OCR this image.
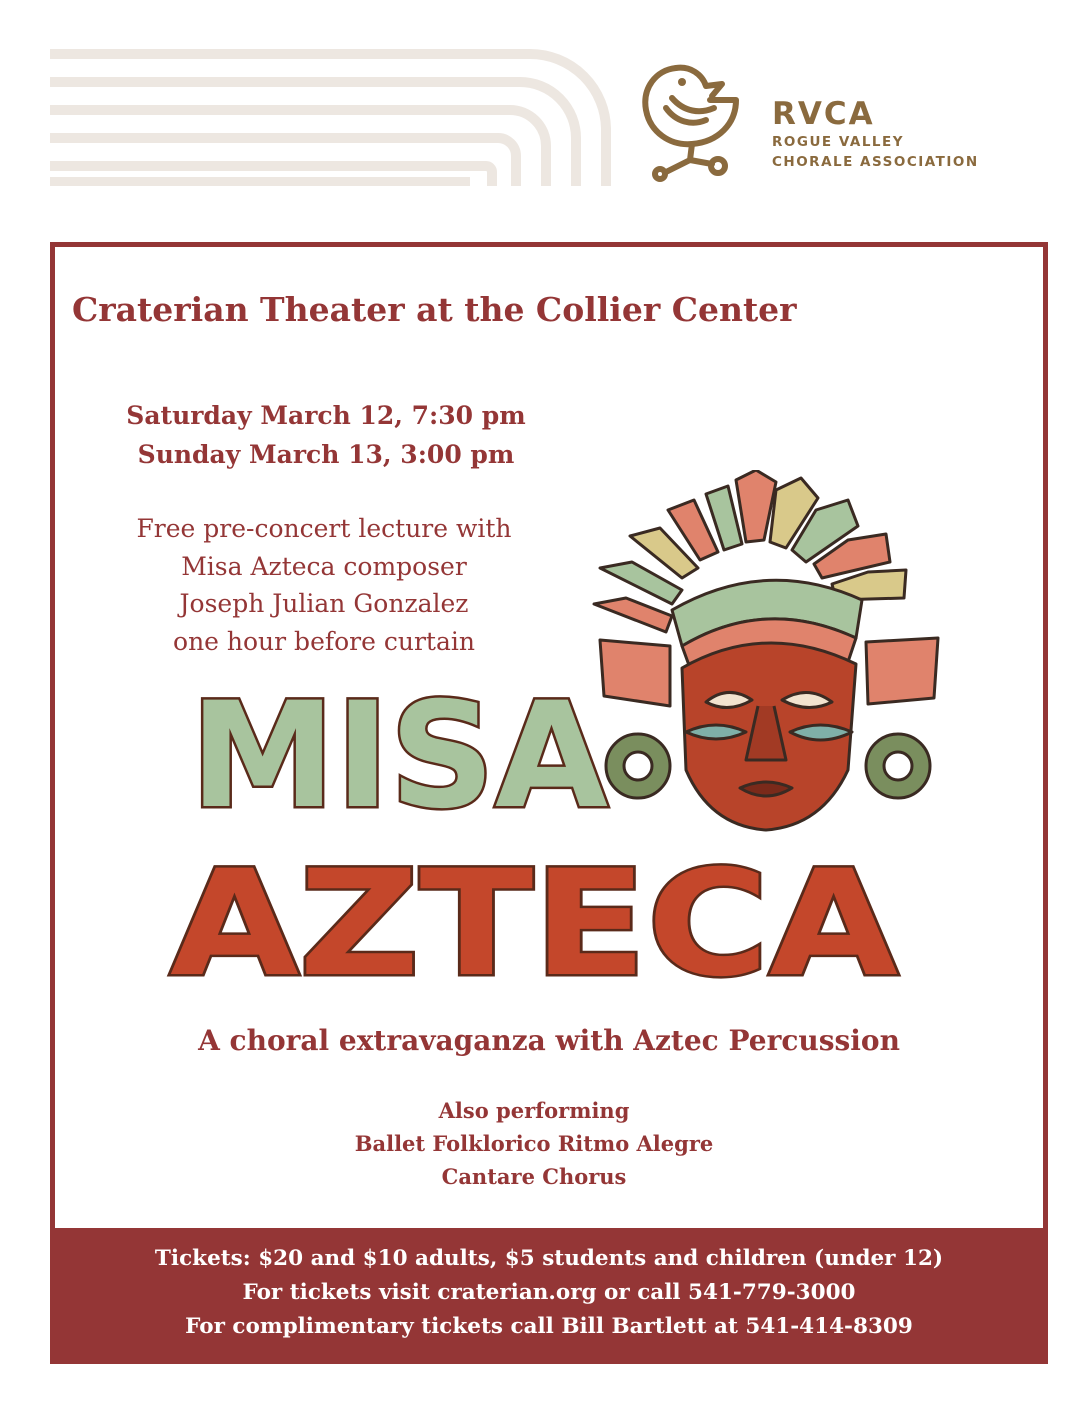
RVCA
ROGUE VALLEY
CHORALE ASSOCIATION
Craterian Theater at the Collier Center
Saturday March 12, 7:30 pm
Sunday March 13, 3:00 pm
Free pre-concert lecture with
Misa Azteca composer
Joseph Julian Gonzalez
one hour before curtain
MISA
AZTECA
A choral extravaganza with Aztec Percussion
Also performing
Ballet Folklorico Ritmo Alegre
Cantare Chorus
Tickets: $20 and $10 adults, $5 students and children (under 12)
For tickets visit craterian.org or call 541-779-3000
For complimentary tickets call Bill Bartlett at 541-414-8309
